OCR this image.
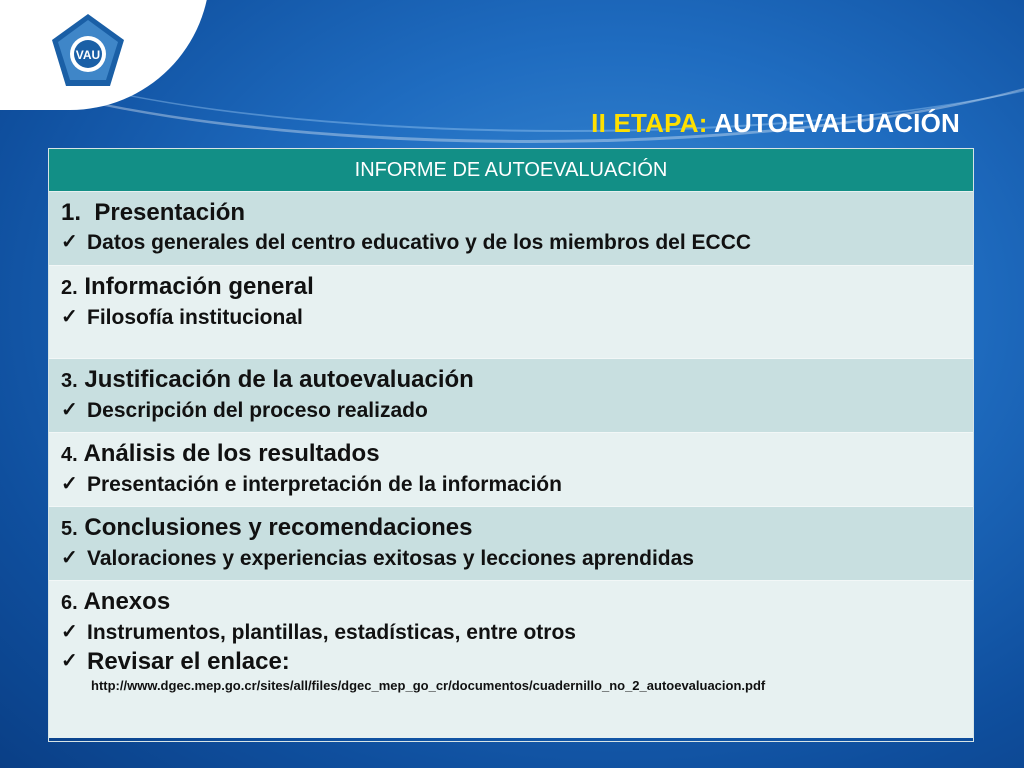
VAU
II ETAPA: AUTOEVALUACIÓN
INFORME DE AUTOEVALUACIÓN
1. Presentación
✓ Datos generales del centro educativo y de los miembros del ECCC
2. Información general
✓ Filosofía institucional
3. Justificación de la autoevaluación
✓ Descripción del proceso realizado
4. Análisis de los resultados
✓ Presentación e interpretación de la información
5. Conclusiones y recomendaciones
✓ Valoraciones y experiencias exitosas y lecciones aprendidas
6. Anexos
✓ Instrumentos, plantillas, estadísticas, entre otros
✓ Revisar el enlace:
http://www.dgec.mep.go.cr/sites/all/files/dgec_mep_go_cr/documentos/cuadernillo_no_2_autoevaluacion.pdf
